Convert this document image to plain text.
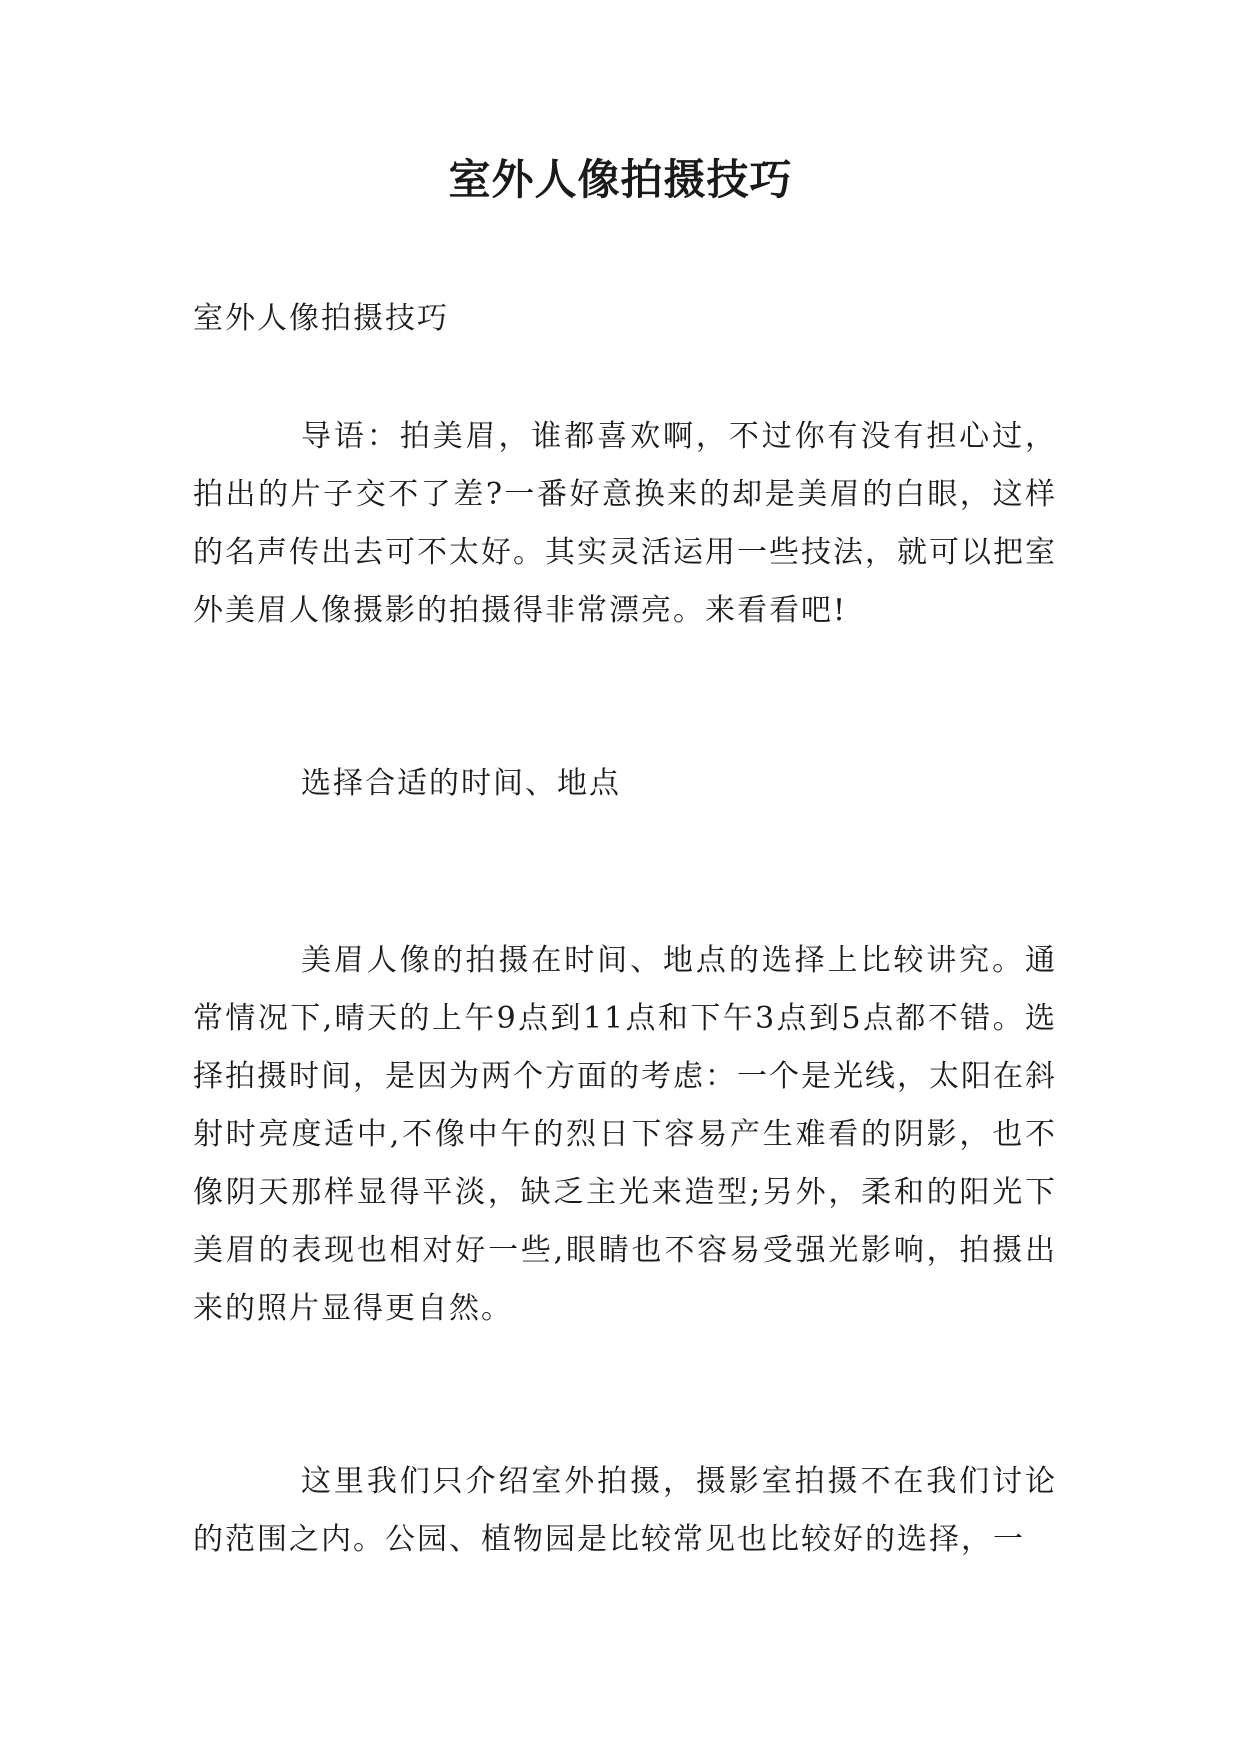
室外人像拍摄技巧
室外人像拍摄技巧

导语：拍美眉，谁都喜欢啊，不过你有没有担心过，拍出的片子交不了差?一番好意换来的却是美眉的白眼，这样的名声传出去可不太好。其实灵活运用一些技法，就可以把室外美眉人像摄影的拍摄得非常漂亮。来看看吧!

选择合适的时间、地点

美眉人像的拍摄在时间、地点的选择上比较讲究。通常情况下,晴天的上午9点到11点和下午3点到5点都不错。选择拍摄时间，是因为两个方面的考虑：一个是光线，太阳在斜射时亮度适中,不像中午的烈日下容易产生难看的阴影，也不像阴天那样显得平淡，缺乏主光来造型;另外，柔和的阳光下美眉的表现也相对好一些,眼睛也不容易受强光影响，拍摄出来的照片显得更自然。

这里我们只介绍室外拍摄，摄影室拍摄不在我们讨论的范围之内。公园、植物园是比较常见也比较好的选择，一
